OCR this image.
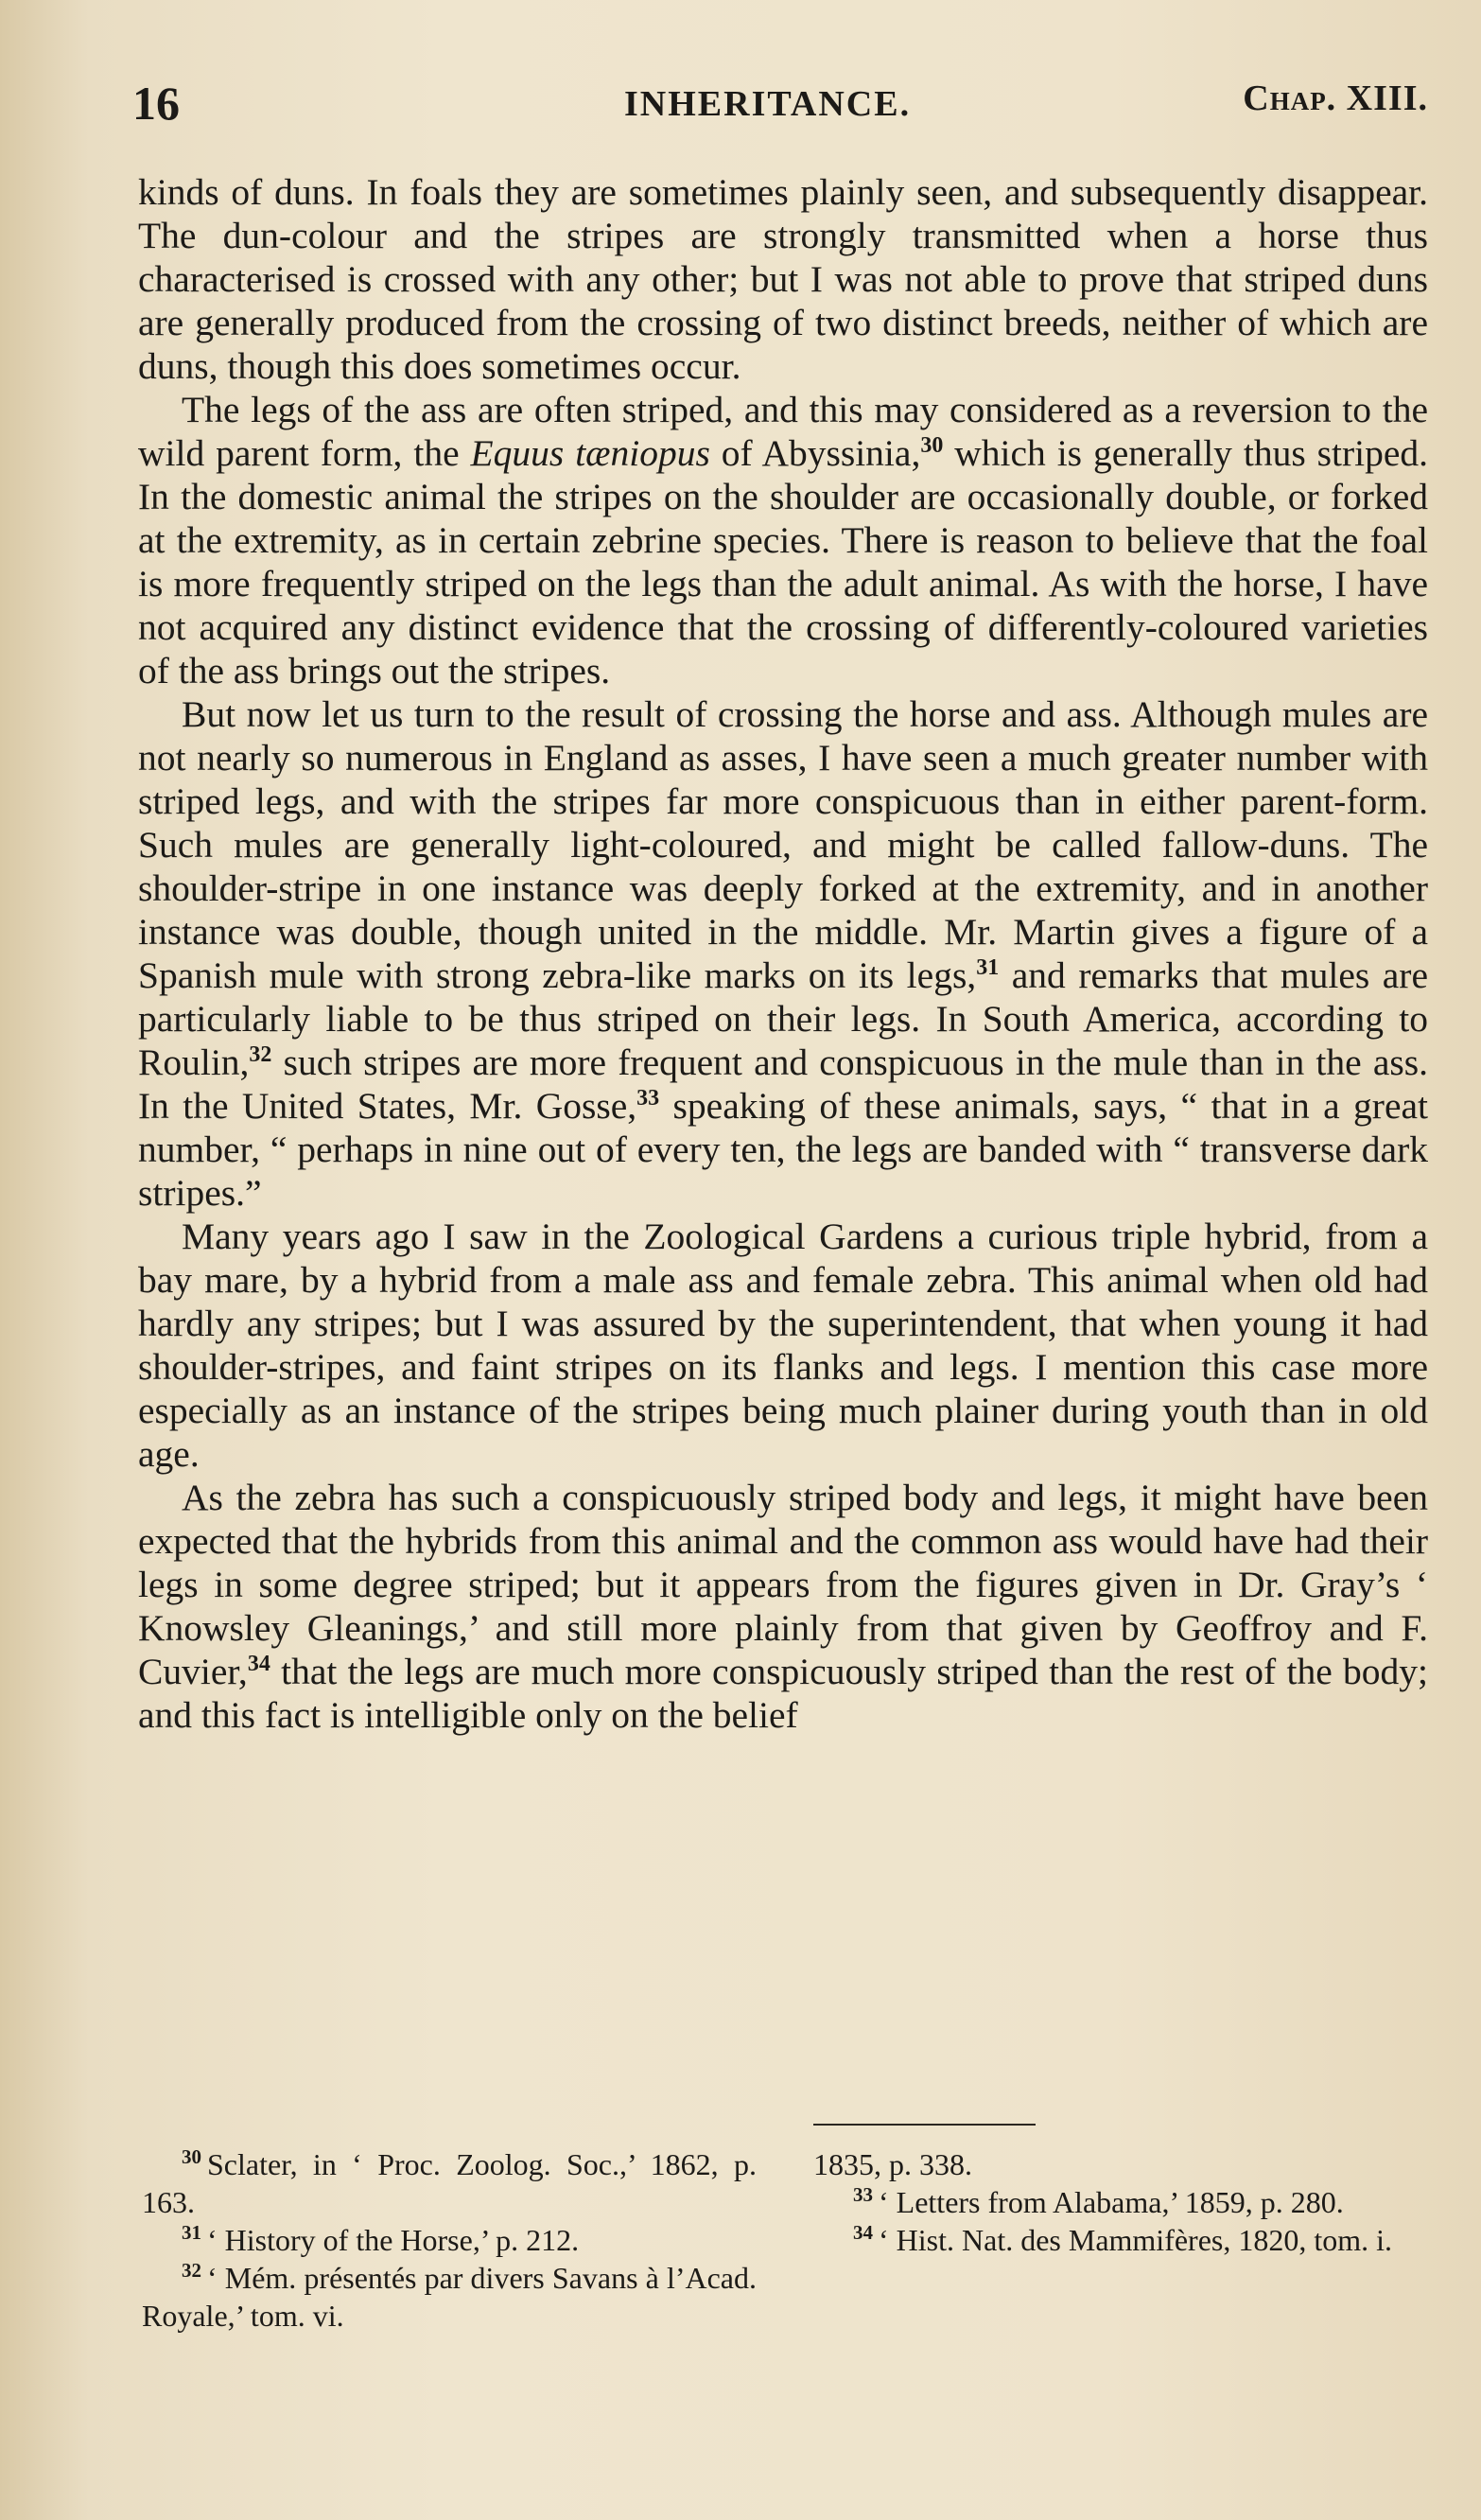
16	INHERITANCE.	Chap. XIII.

kinds of duns. In foals they are sometimes plainly seen, and subsequently disappear. The dun-colour and the stripes are strongly transmitted when a horse thus characterised is crossed with any other; but I was not able to prove that striped duns are generally produced from the crossing of two distinct breeds, neither of which are duns, though this does sometimes occur.

The legs of the ass are often striped, and this may considered as a reversion to the wild parent form, the Equus tæniopus of Abyssinia,$^{30}$ which is generally thus striped. In the domestic animal the stripes on the shoulder are occasionally double, or forked at the extremity, as in certain zebrine species. There is reason to believe that the foal is more frequently striped on the legs than the adult animal. As with the horse, I have not acquired any distinct evidence that the crossing of differently-coloured varieties of the ass brings out the stripes.

But now let us turn to the result of crossing the horse and ass. Although mules are not nearly so numerous in England as asses, I have seen a much greater number with striped legs, and with the stripes far more conspicuous than in either parent-form. Such mules are generally light-coloured, and might be called fallow-duns. The shoulder-stripe in one instance was deeply forked at the extremity, and in another instance was double, though united in the middle. Mr. Martin gives a figure of a Spanish mule with strong zebra-like marks on its legs,$^{31}$ and remarks that mules are particularly liable to be thus striped on their legs. In South America, according to Roulin,$^{32}$ such stripes are more frequent and conspicuous in the mule than in the ass. In the United States, Mr. Gosse,$^{33}$ speaking of these animals, says, “ that in a great number, “ perhaps in nine out of every ten, the legs are banded with “ transverse dark stripes.”

Many years ago I saw in the Zoological Gardens a curious triple hybrid, from a bay mare, by a hybrid from a male ass and female zebra. This animal when old had hardly any stripes; but I was assured by the superintendent, that when young it had shoulder-stripes, and faint stripes on its flanks and legs. I mention this case more especially as an instance of the stripes being much plainer during youth than in old age.

As the zebra has such a conspicuously striped body and legs, it might have been expected that the hybrids from this animal and the common ass would have had their legs in some degree striped; but it appears from the figures given in Dr. Gray’s ‘ Knowsley Gleanings,’ and still more plainly from that given by Geoffroy and F. Cuvier,$^{34}$ that the legs are much more conspicuously striped than the rest of the body; and this fact is intelligible only on the belief

$^{30}$ Sclater, in ‘ Proc. Zoolog. Soc.,’ 1862, p. 163.

$^{31}$ ‘ History of the Horse,’ p. 212.

$^{32}$ ‘ Mém. présentés par divers Savans à l’Acad. Royale,’ tom. vi.

1835, p. 338.

$^{33}$ ‘ Letters from Alabama,’ 1859, p. 280.

$^{34}$ ‘ Hist. Nat. des Mammifères, 1820, tom. i.
